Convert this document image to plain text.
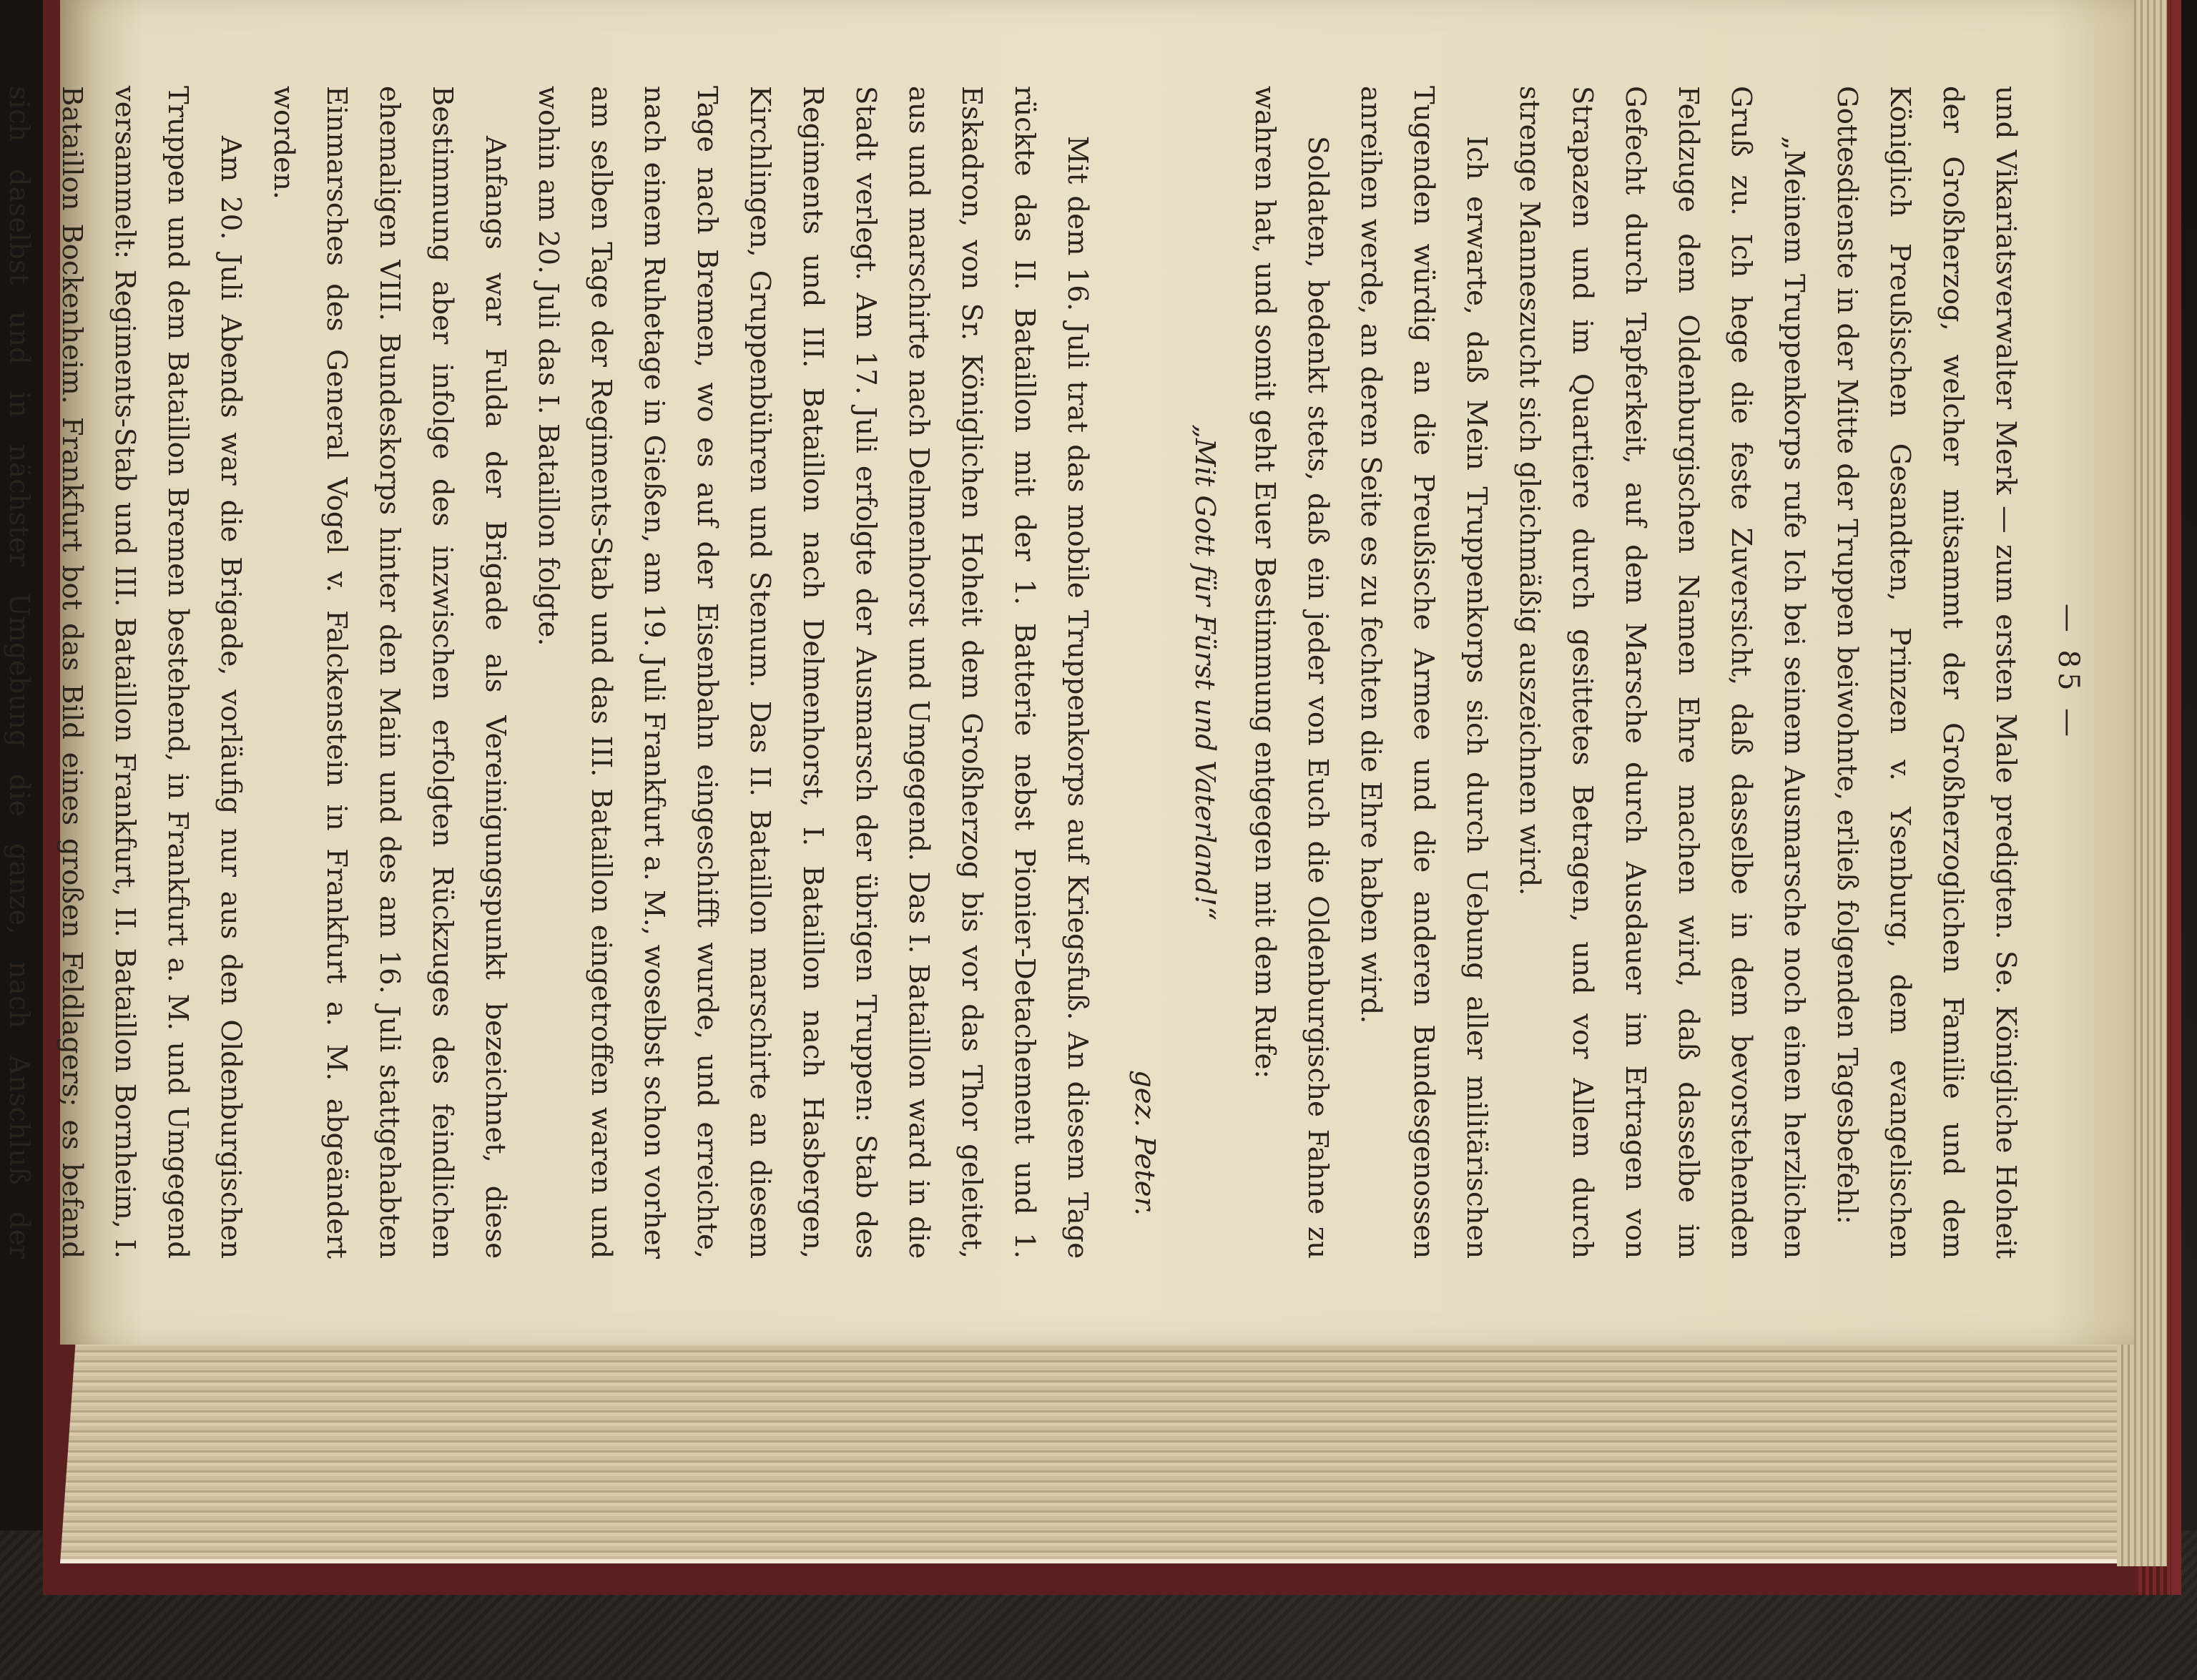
— 85 —

und Vikariatsverwalter Merk — zum ersten Male predigten. Se. Königliche Hoheit der Großherzog, welcher mitsammt der Großherzoglichen Familie und dem Königlich Preußischen Gesandten, Prinzen v. Ysenburg, dem evangelischen Gottesdienste in der Mitte der Truppen beiwohnte, erließ folgenden Tagesbefehl:

„Meinem Truppenkorps rufe Ich bei seinem Ausmarsche noch einen herzlichen Gruß zu. Ich hege die feste Zuversicht, daß dasselbe in dem bevorstehenden Feldzuge dem Oldenburgischen Namen Ehre machen wird, daß dasselbe im Gefecht durch Tapferkeit, auf dem Marsche durch Ausdauer im Ertragen von Strapazen und im Quartiere durch gesittetes Betragen, und vor Allem durch strenge Manneszucht sich gleichmäßig auszeichnen wird.

Ich erwarte, daß Mein Truppenkorps sich durch Uebung aller militärischen Tugenden würdig an die Preußische Armee und die anderen Bundesgenossen anreihen werde, an deren Seite es zu fechten die Ehre haben wird.

Soldaten, bedenkt stets, daß ein jeder von Euch die Oldenburgische Fahne zu wahren hat, und somit geht Euer Bestimmung entgegen mit dem Rufe:

„Mit Gott für Fürst und Vaterland!“
gez. Peter.

Mit dem 16. Juli trat das mobile Truppenkorps auf Kriegsfuß. An diesem Tage rückte das II. Bataillon mit der 1. Batterie nebst Pionier-Detachement und 1. Eskadron, von Sr. Königlichen Hoheit dem Großherzog bis vor das Thor geleitet, aus und marschirte nach Delmenhorst und Umgegend. Das I. Bataillon ward in die Stadt verlegt. Am 17. Juli erfolgte der Ausmarsch der übrigen Truppen: Stab des Regiments und III. Bataillon nach Delmenhorst, I. Bataillon nach Hasbergen, Kirchlingen, Gruppenbühren und Stenum. Das II. Bataillon marschirte an diesem Tage nach Bremen, wo es auf der Eisenbahn eingeschifft wurde, und erreichte, nach einem Ruhetage in Gießen, am 19. Juli Frankfurt a. M., woselbst schon vorher am selben Tage der Regiments-Stab und das III. Bataillon eingetroffen waren und wohin am 20. Juli das I. Bataillon folgte.

Anfangs war Fulda der Brigade als Vereinigungspunkt bezeichnet, diese Bestimmung aber infolge des inzwischen erfolgten Rückzuges des feindlichen ehemaligen VIII. Bundeskorps hinter den Main und des am 16. Juli stattgehabten Einmarsches des General Vogel v. Falckenstein in Frankfurt a. M. abgeändert worden.

Am 20. Juli Abends war die Brigade, vorläufig nur aus den Oldenburgischen Truppen und dem Bataillon Bremen bestehend, in Frankfurt a. M. und Umgegend versammelt: Regiments-Stab und III. Bataillon Frankfurt, II. Bataillon Bornheim, I. Bataillon Bockenheim. Frankfurt bot das Bild eines großen Feldlagers; es befand sich daselbst und in nächster Umgebung die ganze, nach Anschluß der
